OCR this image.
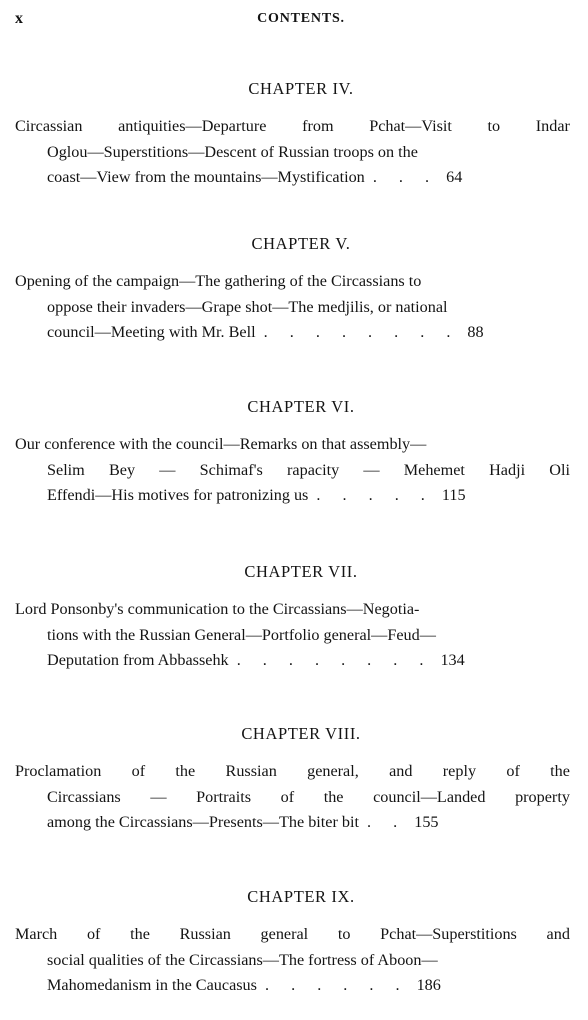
x	CONTENTS.
CHAPTER IV.
Circassian antiquities—Departure from Pchat—Visit to Indar
Oglou—Superstitions—Descent of Russian troops on the
coast—View from the mountains—Mystification . . . 64
CHAPTER V.
Opening of the campaign—The gathering of the Circassians to
oppose their invaders—Grape shot—The medjilis, or national
council—Meeting with Mr. Bell . . . . . . . . 88
CHAPTER VI.
Our conference with the council—Remarks on that assembly—
Selim Bey — Schimaf's rapacity — Mehemet Hadji Oli
Effendi—His motives for patronizing us . . . . . 115
CHAPTER VII.
Lord Ponsonby's communication to the Circassians—Negotia-
tions with the Russian General—Portfolio general—Feud—
Deputation from Abbassehk . . . . . . . . 134
CHAPTER VIII.
Proclamation of the Russian general, and reply of the
Circassians — Portraits of the council—Landed property
among the Circassians—Presents—The biter bit . . 155
CHAPTER IX.
March of the Russian general to Pchat—Superstitions and
social qualities of the Circassians—The fortress of Aboon—
Mahomedanism in the Caucasus . . . . . . 186
